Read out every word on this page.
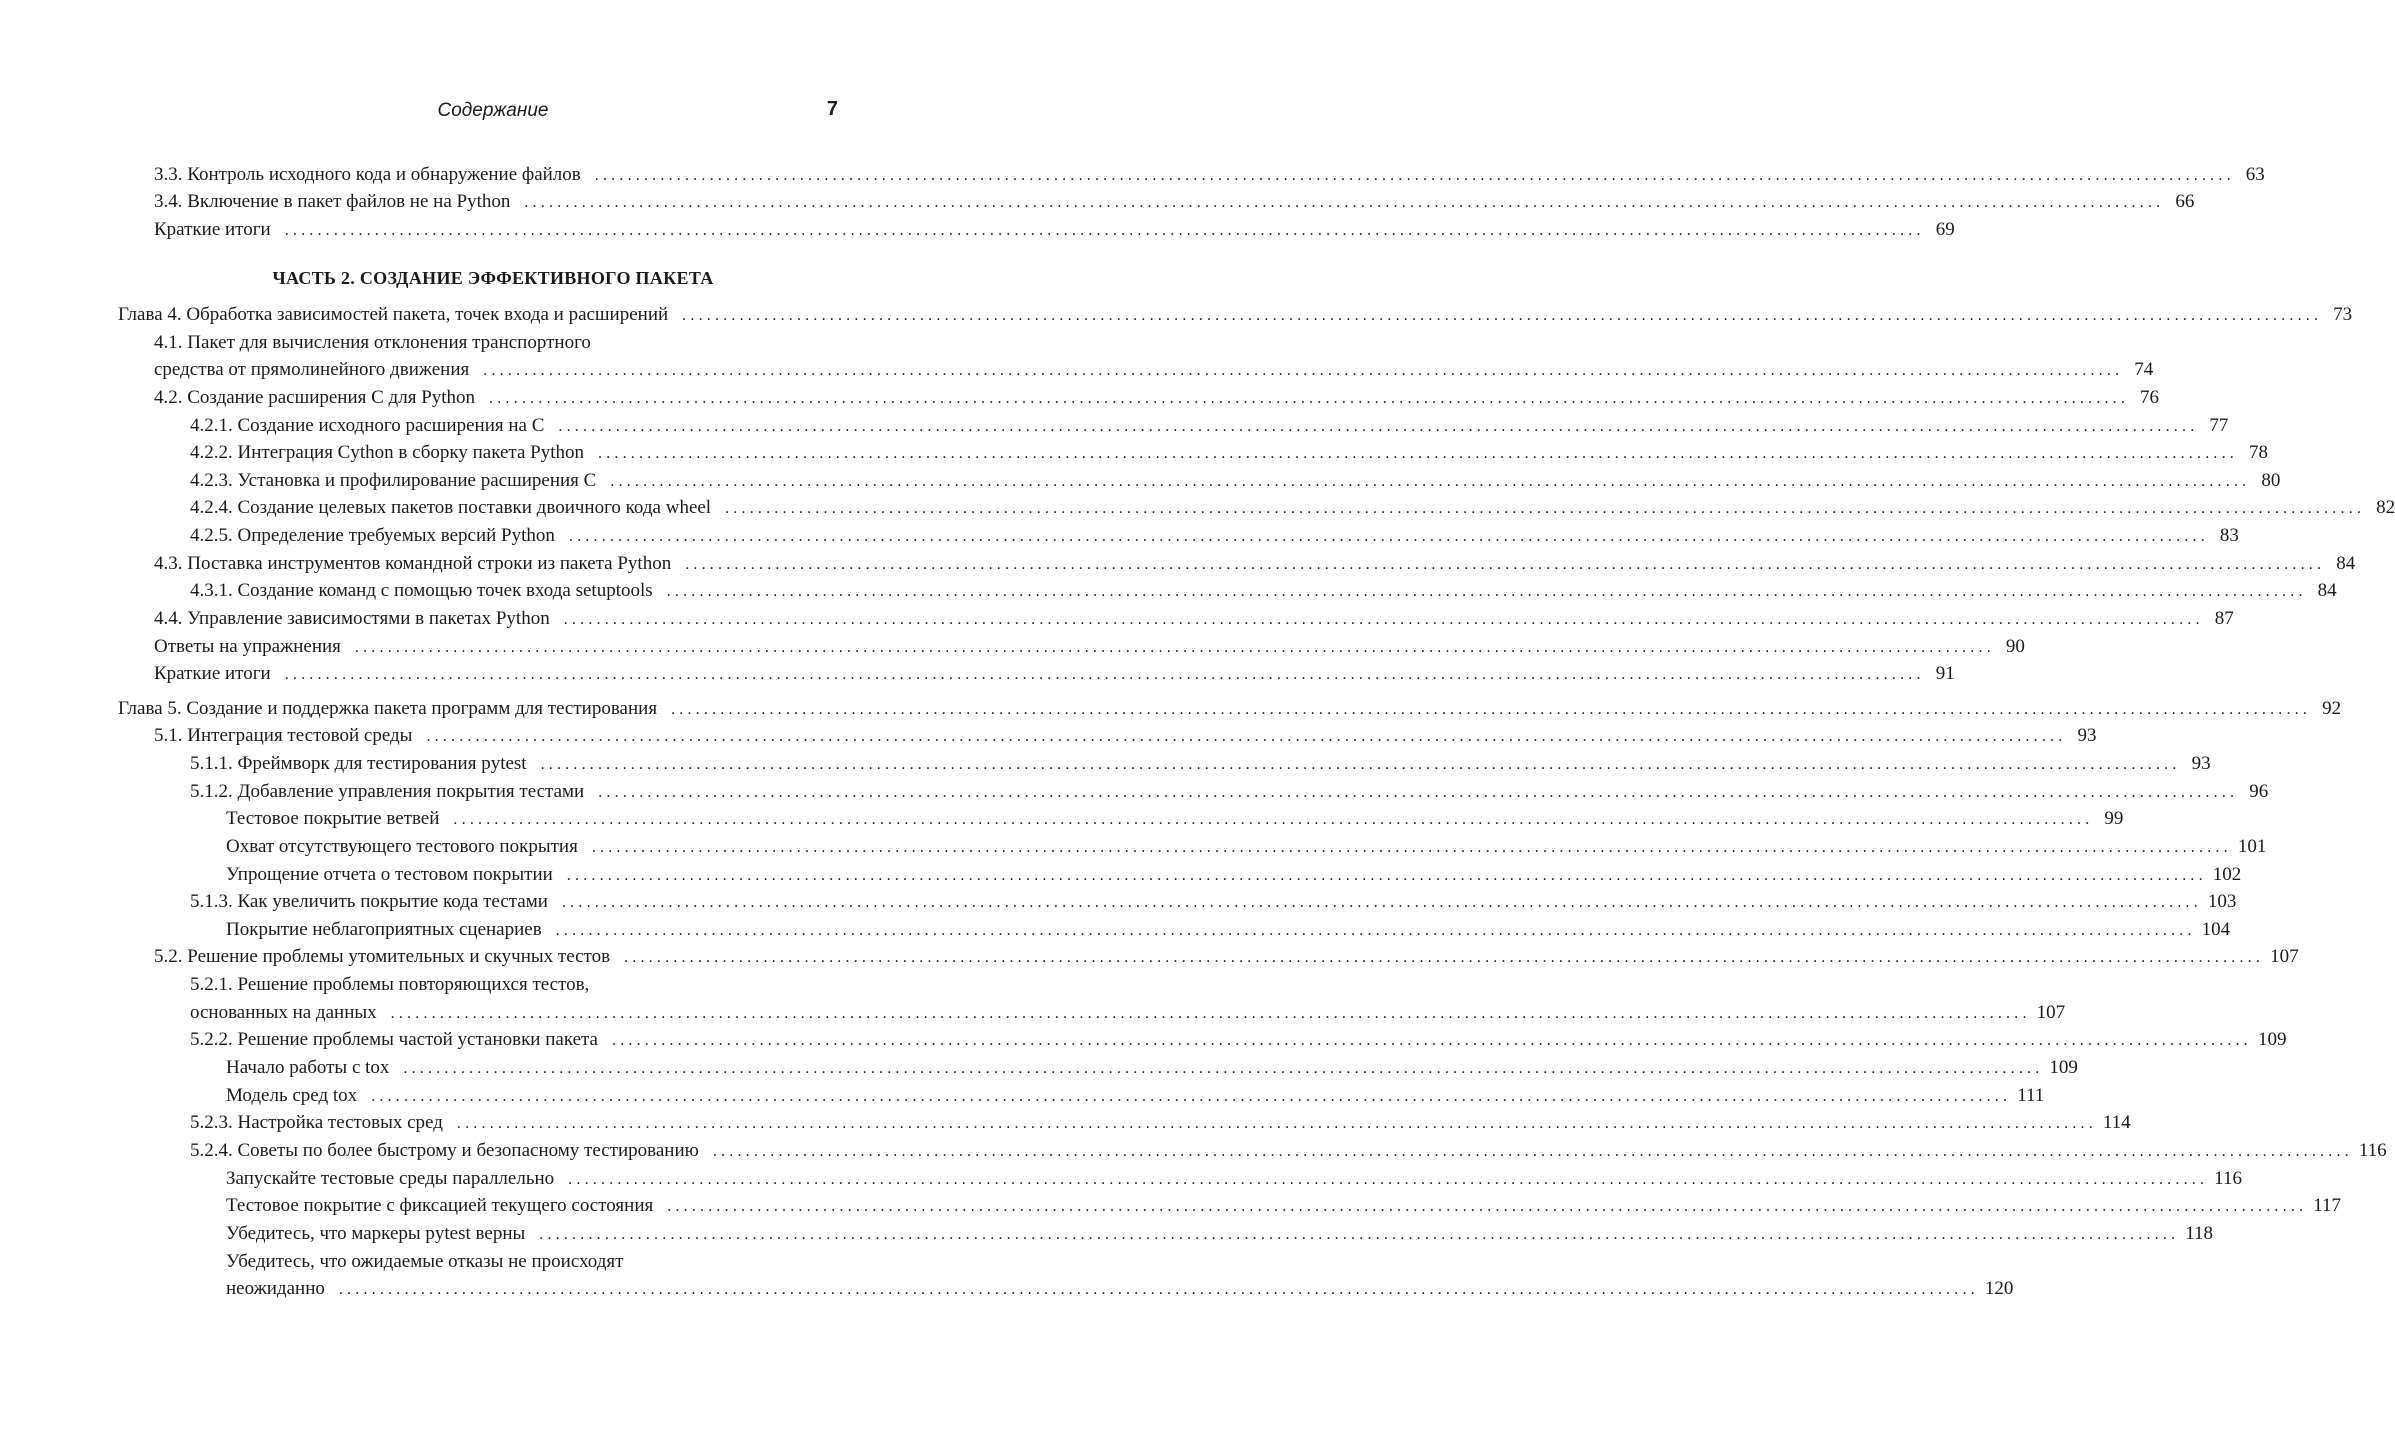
Содержание	7
3.3. Контроль исходного кода и обнаружение файлов ........................................................................................................................................................................................................ 63
3.4. Включение в пакет файлов не на Python ........................................................................................................................................................................................................ 66
Краткие итоги ........................................................................................................................................................................................................ 69
ЧАСТЬ 2. СОЗДАНИЕ ЭФФЕКТИВНОГО ПАКЕТА
Глава 4. Обработка зависимостей пакета, точек входа и расширений ........................................................................................................................................................................................................ 73
4.1. Пакет для вычисления отклонения транспортного
средства от прямолинейного движения ........................................................................................................................................................................................................ 74
4.2. Создание расширения C для Python ........................................................................................................................................................................................................ 76
4.2.1. Создание исходного расширения на C ........................................................................................................................................................................................................ 77
4.2.2. Интеграция Cython в сборку пакета Python ........................................................................................................................................................................................................ 78
4.2.3. Установка и профилирование расширения C ........................................................................................................................................................................................................ 80
4.2.4. Создание целевых пакетов поставки двоичного кода wheel ........................................................................................................................................................................................................ 82
4.2.5. Определение требуемых версий Python ........................................................................................................................................................................................................ 83
4.3. Поставка инструментов командной строки из пакета Python ........................................................................................................................................................................................................ 84
4.3.1. Создание команд с помощью точек входа setuptools ........................................................................................................................................................................................................ 84
4.4. Управление зависимостями в пакетах Python ........................................................................................................................................................................................................ 87
Ответы на упражнения ........................................................................................................................................................................................................ 90
Краткие итоги ........................................................................................................................................................................................................ 91
Глава 5. Создание и поддержка пакета программ для тестирования ........................................................................................................................................................................................................ 92
5.1. Интеграция тестовой среды ........................................................................................................................................................................................................ 93
5.1.1. Фреймворк для тестирования pytest ........................................................................................................................................................................................................ 93
5.1.2. Добавление управления покрытия тестами ........................................................................................................................................................................................................ 96
Тестовое покрытие ветвей ........................................................................................................................................................................................................ 99
Охват отсутствующего тестового покрытия ........................................................................................................................................................................................................ 101
Упрощение отчета о тестовом покрытии ........................................................................................................................................................................................................ 102
5.1.3. Как увеличить покрытие кода тестами ........................................................................................................................................................................................................ 103
Покрытие неблагоприятных сценариев ........................................................................................................................................................................................................ 104
5.2. Решение проблемы утомительных и скучных тестов ........................................................................................................................................................................................................ 107
5.2.1. Решение проблемы повторяющихся тестов,
основанных на данных ........................................................................................................................................................................................................ 107
5.2.2. Решение проблемы частой установки пакета ........................................................................................................................................................................................................ 109
Начало работы с tox ........................................................................................................................................................................................................ 109
Модель сред tox ........................................................................................................................................................................................................ 111
5.2.3. Настройка тестовых сред ........................................................................................................................................................................................................ 114
5.2.4. Советы по более быстрому и безопасному тестированию ........................................................................................................................................................................................................ 116
Запускайте тестовые среды параллельно ........................................................................................................................................................................................................ 116
Тестовое покрытие с фиксацией текущего состояния ........................................................................................................................................................................................................ 117
Убедитесь, что маркеры pytest верны ........................................................................................................................................................................................................ 118
Убедитесь, что ожидаемые отказы не происходят
неожиданно ........................................................................................................................................................................................................ 120
